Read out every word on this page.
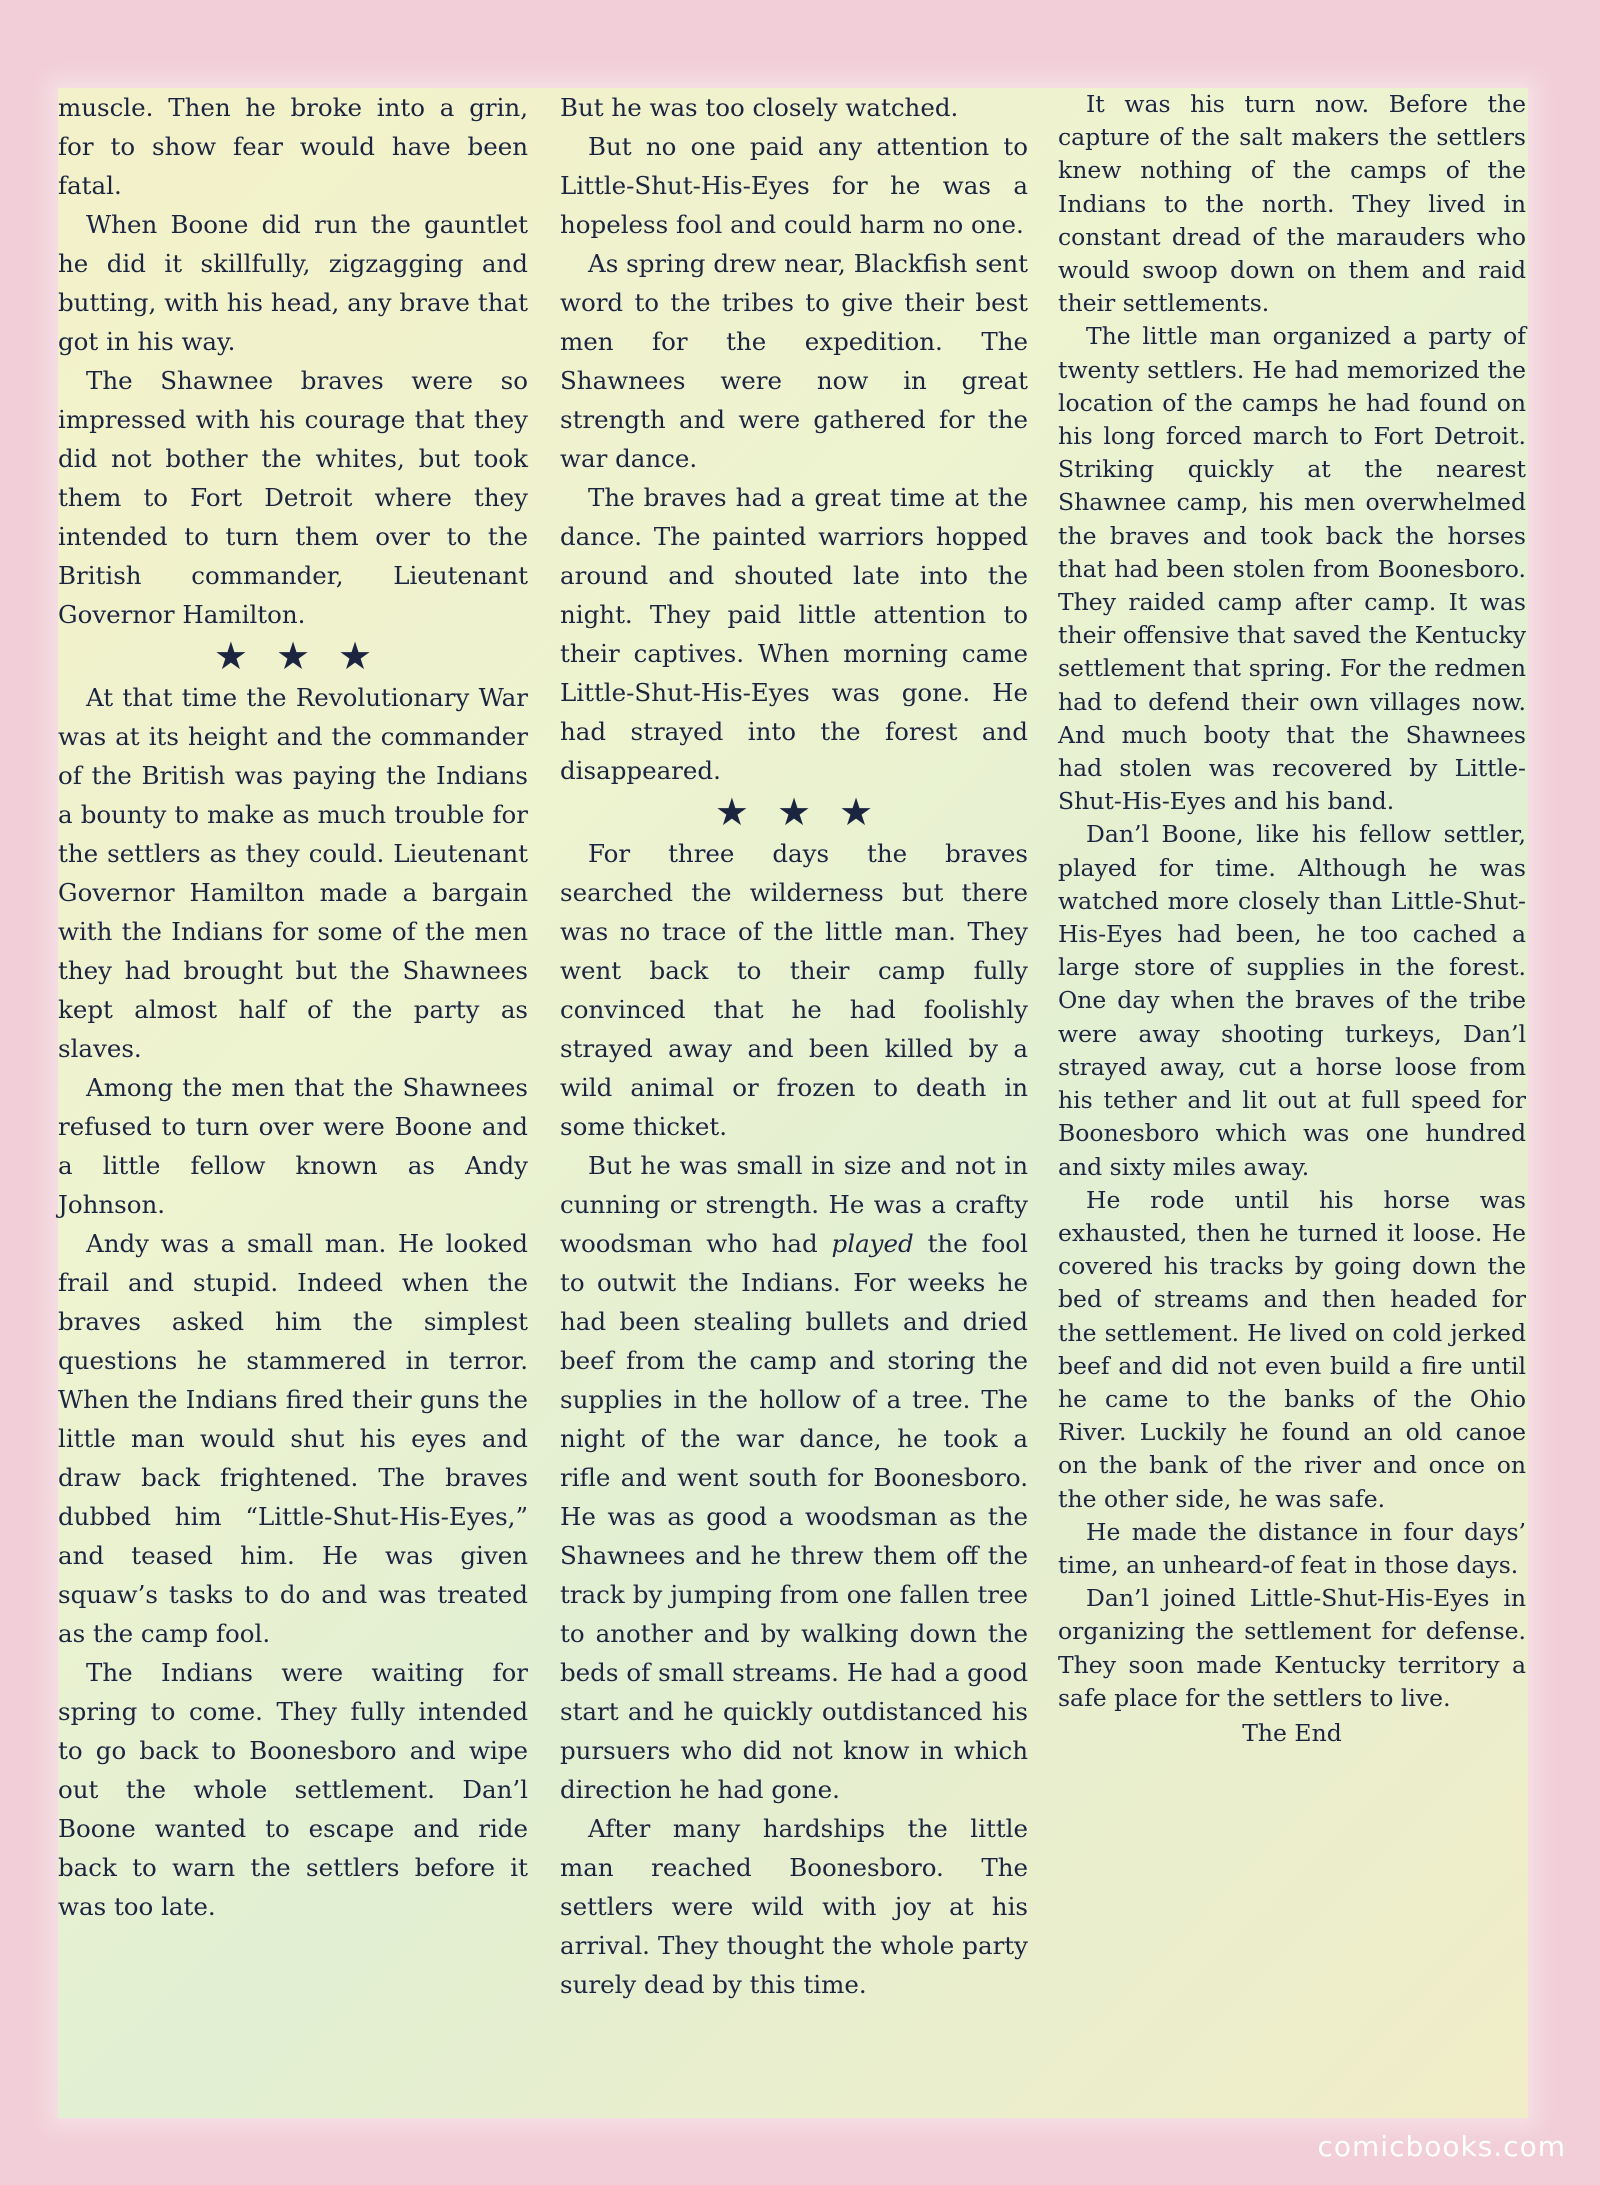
muscle. Then he broke into a grin, for to show fear would have been fatal.

When Boone did run the gauntlet he did it skillfully, zigzagging and butting, with his head, any brave that got in his way.

The Shawnee braves were so impressed with his courage that they did not bother the whites, but took them to Fort Detroit where they intended to turn them over to the British commander, Lieutenant Governor Hamilton.

★★★

At that time the Revolutionary War was at its height and the commander of the British was paying the Indians a bounty to make as much trouble for the settlers as they could. Lieutenant Governor Hamilton made a bargain with the Indians for some of the men they had brought but the Shawnees kept almost half of the party as slaves.

Among the men that the Shawnees refused to turn over were Boone and a little fellow known as Andy Johnson.

Andy was a small man. He looked frail and stupid. Indeed when the braves asked him the simplest questions he stammered in terror. When the Indians fired their guns the little man would shut his eyes and draw back frightened. The braves dubbed him “Little-Shut-His-Eyes,” and teased him. He was given squaw’s tasks to do and was treated as the camp fool.

The Indians were waiting for spring to come. They fully intended to go back to Boonesboro and wipe out the whole settlement. Dan’l Boone wanted to escape and ride back to warn the settlers before it was too late.

But he was too closely watched.

But no one paid any attention to Little-Shut-His-Eyes for he was a hopeless fool and could harm no one.

As spring drew near, Blackfish sent word to the tribes to give their best men for the expedition. The Shawnees were now in great strength and were gathered for the war dance.

The braves had a great time at the dance. The painted warriors hopped around and shouted late into the night. They paid little attention to their captives. When morning came Little-Shut-His-Eyes was gone. He had strayed into the forest and disappeared.

★★★

For three days the braves searched the wilderness but there was no trace of the little man. They went back to their camp fully convinced that he had foolishly strayed away and been killed by a wild animal or frozen to death in some thicket.

But he was small in size and not in cunning or strength. He was a crafty woodsman who had played the fool to outwit the Indians. For weeks he had been stealing bullets and dried beef from the camp and storing the supplies in the hollow of a tree. The night of the war dance, he took a rifle and went south for Boonesboro. He was as good a woodsman as the Shawnees and he threw them off the track by jumping from one fallen tree to another and by walking down the beds of small streams. He had a good start and he quickly outdistanced his pursuers who did not know in which direction he had gone.

After many hardships the little man reached Boonesboro. The settlers were wild with joy at his arrival. They thought the whole party surely dead by this time.

It was his turn now. Before the capture of the salt makers the settlers knew nothing of the camps of the Indians to the north. They lived in constant dread of the marauders who would swoop down on them and raid their settlements.

The little man organized a party of twenty settlers. He had memorized the location of the camps he had found on his long forced march to Fort Detroit. Striking quickly at the nearest Shawnee camp, his men overwhelmed the braves and took back the horses that had been stolen from Boonesboro. They raided camp after camp. It was their offensive that saved the Kentucky settlement that spring. For the redmen had to defend their own villages now. And much booty that the Shawnees had stolen was recovered by Little-Shut-His-Eyes and his band.

Dan’l Boone, like his fellow settler, played for time. Although he was watched more closely than Little-Shut-His-Eyes had been, he too cached a large store of supplies in the forest. One day when the braves of the tribe were away shooting turkeys, Dan’l strayed away, cut a horse loose from his tether and lit out at full speed for Boonesboro which was one hundred and sixty miles away.

He rode until his horse was exhausted, then he turned it loose. He covered his tracks by going down the bed of streams and then headed for the settlement. He lived on cold jerked beef and did not even build a fire until he came to the banks of the Ohio River. Luckily he found an old canoe on the bank of the river and once on the other side, he was safe.

He made the distance in four days’ time, an unheard-of feat in those days.

Dan’l joined Little-Shut-His-Eyes in organizing the settlement for defense. They soon made Kentucky territory a safe place for the settlers to live.

The End
comicbooks.com
